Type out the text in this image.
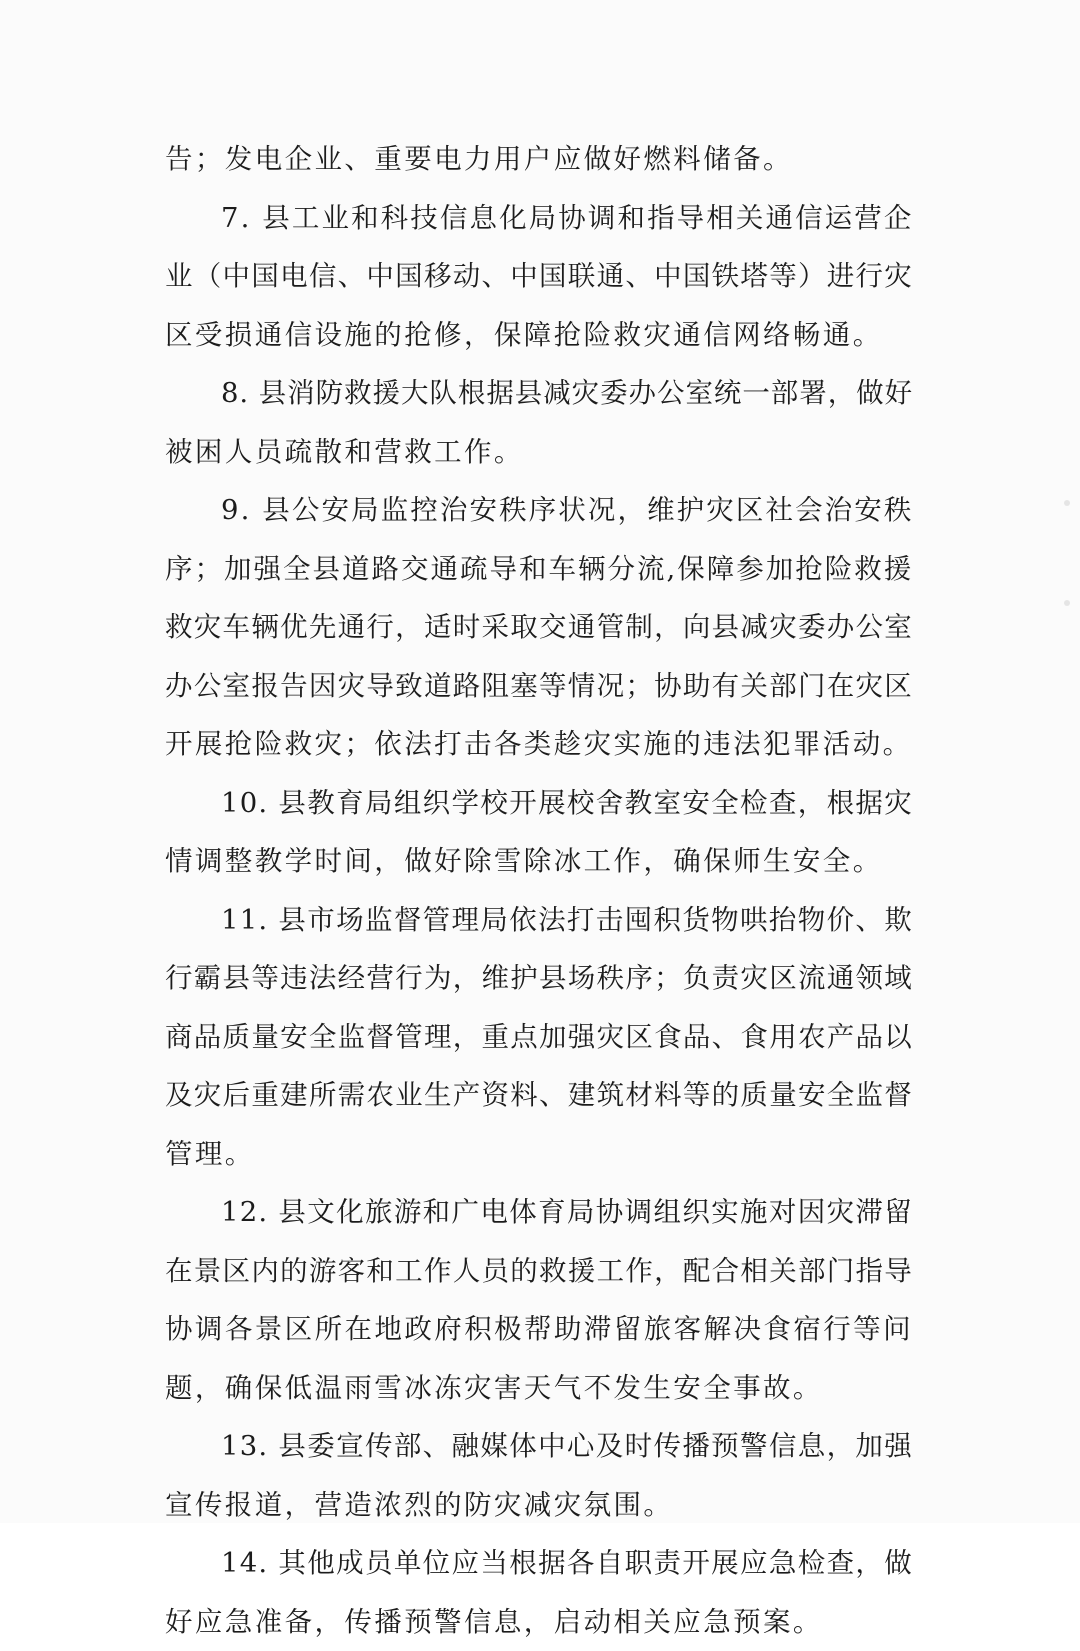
告；发电企业、重要电力用户应做好燃料储备。

7. 县工业和科技信息化局协调和指导相关通信运营企
业（中国电信、中国移动、中国联通、中国铁塔等）进行灾
区受损通信设施的抢修，保障抢险救灾通信网络畅通。

8. 县消防救援大队根据县减灾委办公室统一部署，做好
被困人员疏散和营救工作。

9. 县公安局监控治安秩序状况，维护灾区社会治安秩
序；加强全县道路交通疏导和车辆分流,保障参加抢险救援
救灾车辆优先通行，适时采取交通管制，向县减灾委办公室
办公室报告因灾导致道路阻塞等情况；协助有关部门在灾区
开展抢险救灾；依法打击各类趁灾实施的违法犯罪活动。

10. 县教育局组织学校开展校舍教室安全检查，根据灾
情调整教学时间，做好除雪除冰工作，确保师生安全。

11. 县市场监督管理局依法打击囤积货物哄抬物价、欺
行霸县等违法经营行为，维护县场秩序；负责灾区流通领域
商品质量安全监督管理，重点加强灾区食品、食用农产品以
及灾后重建所需农业生产资料、建筑材料等的质量安全监督
管理。

12. 县文化旅游和广电体育局协调组织实施对因灾滞留
在景区内的游客和工作人员的救援工作，配合相关部门指导
协调各景区所在地政府积极帮助滞留旅客解决食宿行等问
题，确保低温雨雪冰冻灾害天气不发生安全事故。

13. 县委宣传部、融媒体中心及时传播预警信息，加强
宣传报道，营造浓烈的防灾减灾氛围。

14. 其他成员单位应当根据各自职责开展应急检查，做
好应急准备，传播预警信息，启动相关应急预案。
